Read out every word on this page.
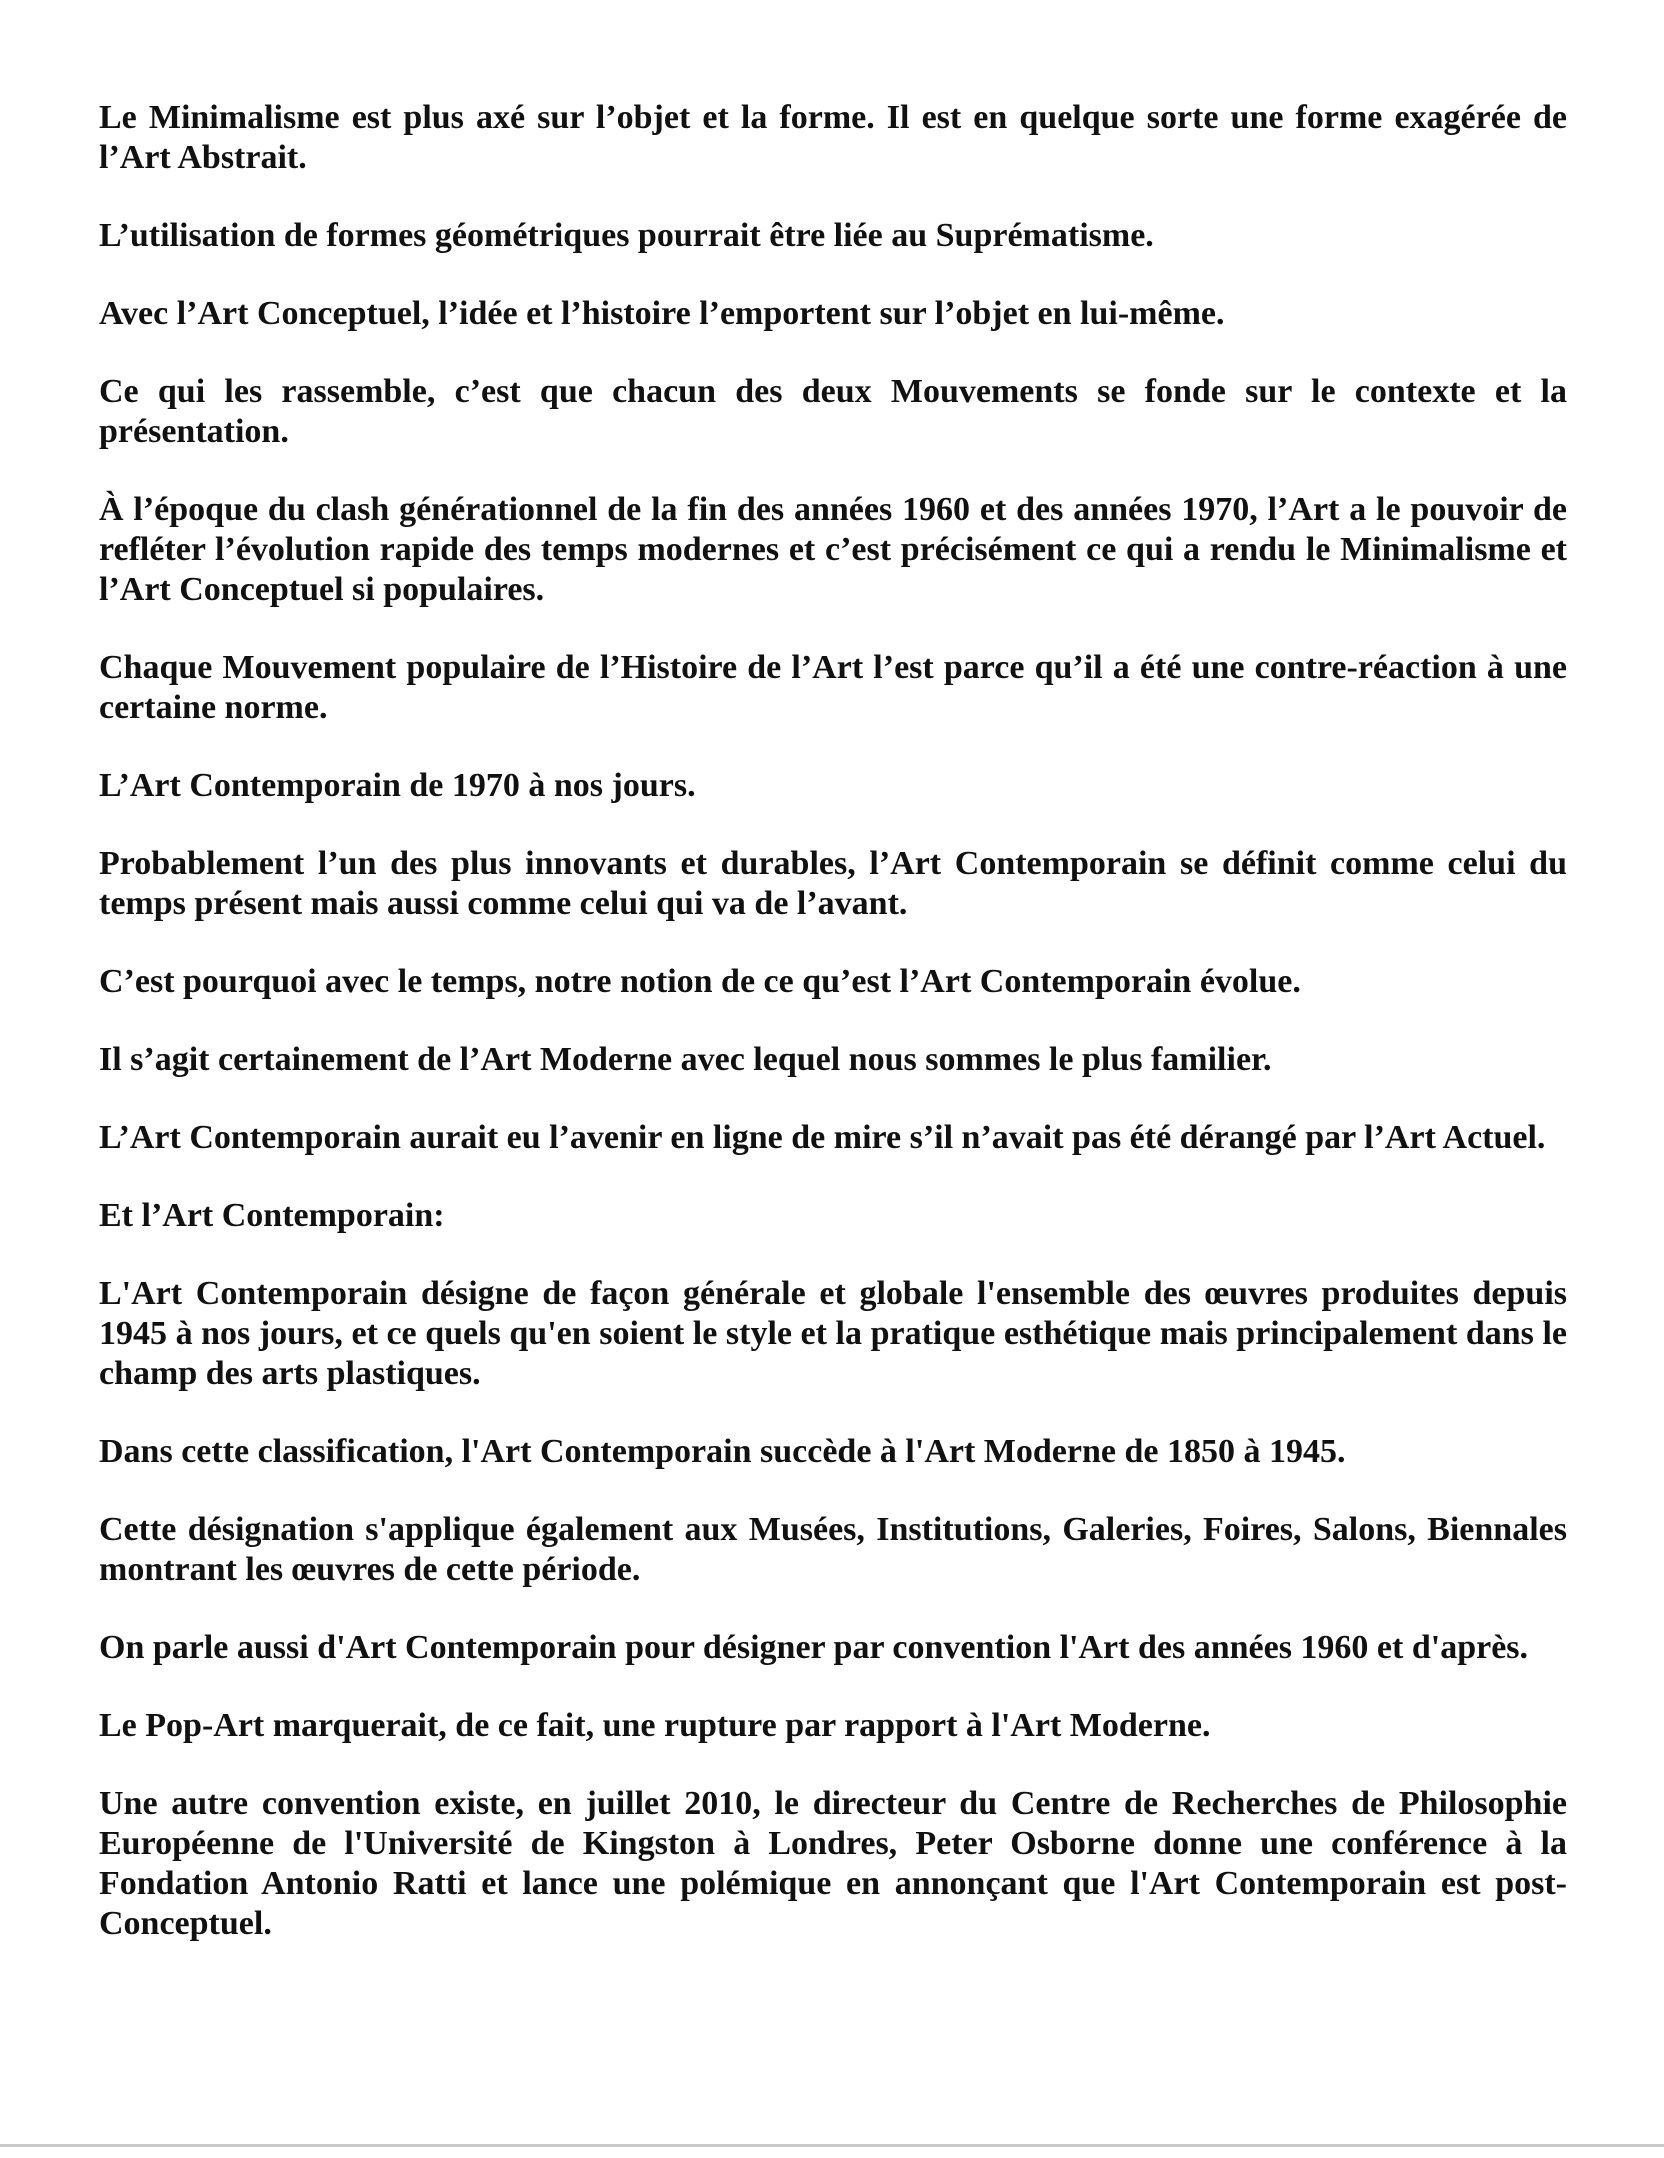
Le Minimalisme est plus axé sur l’objet et la forme. Il est en quelque sorte une forme exagérée de l’Art Abstrait.

L’utilisation de formes géométriques pourrait être liée au Suprématisme.

Avec l’Art Conceptuel, l’idée et l’histoire l’emportent sur l’objet en lui-même.

Ce qui les rassemble, c’est que chacun des deux Mouvements se fonde sur le contexte et la présentation.

À l’époque du clash générationnel de la fin des années 1960 et des années 1970, l’Art a le pouvoir de refléter l’évolution rapide des temps modernes et c’est précisément ce qui a rendu le Minimalisme et l’Art Conceptuel si populaires.

Chaque Mouvement populaire de l’Histoire de l’Art l’est parce qu’il a été une contre-réaction à une certaine norme.

L’Art Contemporain de 1970 à nos jours.

Probablement l’un des plus innovants et durables, l’Art Contemporain se définit comme celui du temps présent mais aussi comme celui qui va de l’avant.

C’est pourquoi avec le temps, notre notion de ce qu’est l’Art Contemporain évolue.

Il s’agit certainement de l’Art Moderne avec lequel nous sommes le plus familier.

L’Art Contemporain aurait eu l’avenir en ligne de mire s’il n’avait pas été dérangé par l’Art Actuel.

Et l’Art Contemporain:

L'Art Contemporain désigne de façon générale et globale l'ensemble des œuvres produites depuis 1945 à nos jours, et ce quels qu'en soient le style et la pratique esthétique mais principalement dans le champ des arts plastiques.

Dans cette classification, l'Art Contemporain succède à l'Art Moderne de 1850 à 1945.

Cette désignation s'applique également aux Musées, Institutions, Galeries, Foires, Salons, Biennales montrant les œuvres de cette période.

On parle aussi d'Art Contemporain pour désigner par convention l'Art des années 1960 et d'après.

Le Pop-Art marquerait, de ce fait, une rupture par rapport à l'Art Moderne.

Une autre convention existe, en juillet 2010, le directeur du Centre de Recherches de Philosophie Européenne de l'Université de Kingston à Londres, Peter Osborne donne une conférence à la Fondation Antonio Ratti et lance une polémique en annonçant que l'Art Contemporain est post-Conceptuel.
